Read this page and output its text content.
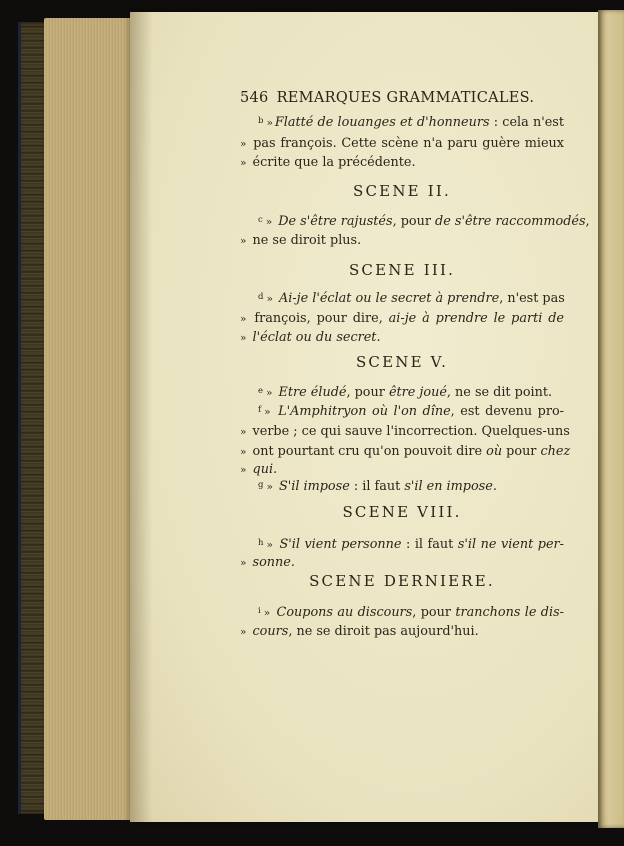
546 REMARQUES GRAMMATICALES.
$^b$ » Flatté de louanges et d'honneurs : cela n'est
» pas françois. Cette scène n'a paru guère mieux
» écrite que la précédente.
SCENE II.
$^c$ » De s'être rajustés, pour de s'être raccommodés,
» ne se diroit plus.
SCENE III.
$^d$ » Ai-je l'éclat ou le secret à prendre, n'est pas
» françois, pour dire, ai-je à prendre le parti de
» l'éclat ou du secret.
SCENE V.
$^e$ » Etre éludé, pour être joué, ne se dit point.
$^f$ » L'Amphitryon où l'on dîne, est devenu pro-
» verbe ; ce qui sauve l'incorrection. Quelques-uns
» ont pourtant cru qu'on pouvoit dire où pour chez
» qui.
$^g$ » S'il impose : il faut s'il en impose.
SCENE VIII.
$^h$ » S'il vient personne : il faut s'il ne vient per-
» sonne.
SCENE DERNIERE.
$^i$ » Coupons au discours, pour tranchons le dis-
» cours, ne se diroit pas aujourd'hui.
